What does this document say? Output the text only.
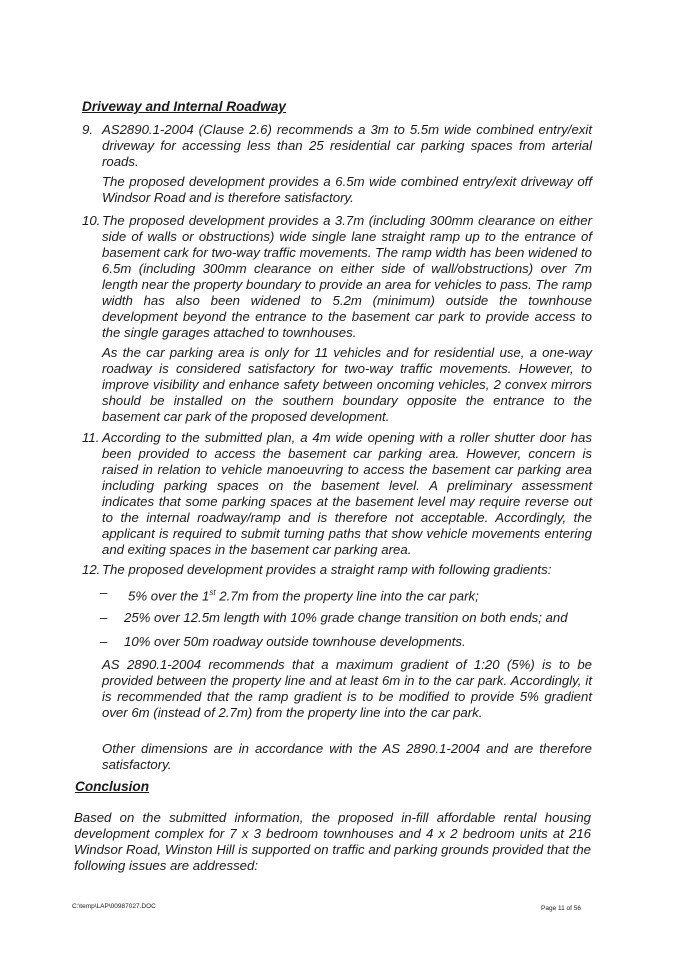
Driveway and Internal Roadway
9. AS2890.1-2004 (Clause 2.6) recommends a 3m to 5.5m wide combined entry/exit driveway for accessing less than 25 residential car parking spaces from arterial roads.

The proposed development provides a 6.5m wide combined entry/exit driveway off Windsor Road and is therefore satisfactory.
10. The proposed development provides a 3.7m (including 300mm clearance on either side of walls or obstructions) wide single lane straight ramp up to the entrance of basement cark for two-way traffic movements. The ramp width has been widened to 6.5m (including 300mm clearance on either side of wall/obstructions) over 7m length near the property boundary to provide an area for vehicles to pass. The ramp width has also been widened to 5.2m (minimum) outside the townhouse development beyond the entrance to the basement car park to provide access to the single garages attached to townhouses.

As the car parking area is only for 11 vehicles and for residential use, a one-way roadway is considered satisfactory for two-way traffic movements. However, to improve visibility and enhance safety between oncoming vehicles, 2 convex mirrors should be installed on the southern boundary opposite the entrance to the basement car park of the proposed development.
11. According to the submitted plan, a 4m wide opening with a roller shutter door has been provided to access the basement car parking area. However, concern is raised in relation to vehicle manoeuvring to access the basement car parking area including parking spaces on the basement level. A preliminary assessment indicates that some parking spaces at the basement level may require reverse out to the internal roadway/ramp and is therefore not acceptable. Accordingly, the applicant is required to submit turning paths that show vehicle movements entering and exiting spaces in the basement car parking area.

12. The proposed development provides a straight ramp with following gradients:

– 5% over the 1st 2.7m from the property line into the car park;
– 25% over 12.5m length with 10% grade change transition on both ends; and
– 10% over 50m roadway outside townhouse developments.
AS 2890.1-2004 recommends that a maximum gradient of 1:20 (5%) is to be provided between the property line and at least 6m in to the car park. Accordingly, it is recommended that the ramp gradient is to be modified to provide 5% gradient over 6m (instead of 2.7m) from the property line into the car park.
Other dimensions are in accordance with the AS 2890.1-2004 and are therefore satisfactory.
Conclusion
Based on the submitted information, the proposed in-fill affordable rental housing development complex for 7 x 3 bedroom townhouses and 4 x 2 bedroom units at 216 Windsor Road, Winston Hill is supported on traffic and parking grounds provided that the following issues are addressed:
C:\temp\LAP\00987027.DOC	Page 11 of 56
